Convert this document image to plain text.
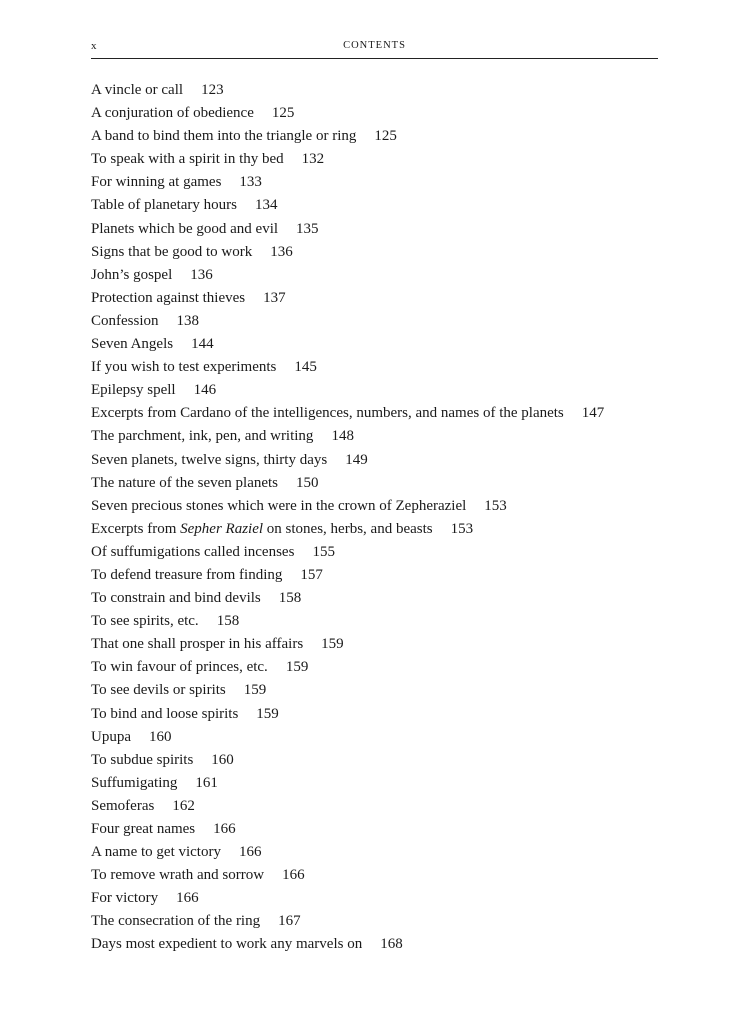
x	CONTENTS
A vincle or call 123
A conjuration of obedience 125
A band to bind them into the triangle or ring 125
To speak with a spirit in thy bed 132
For winning at games 133
Table of planetary hours 134
Planets which be good and evil 135
Signs that be good to work 136
John’s gospel 136
Protection against thieves 137
Confession 138
Seven Angels 144
If you wish to test experiments 145
Epilepsy spell 146
Excerpts from Cardano of the intelligences, numbers, and names of the planets 147
The parchment, ink, pen, and writing 148
Seven planets, twelve signs, thirty days 149
The nature of the seven planets 150
Seven precious stones which were in the crown of Zepheraziel 153
Excerpts from Sepher Raziel on stones, herbs, and beasts 153
Of suffumigations called incenses 155
To defend treasure from finding 157
To constrain and bind devils 158
To see spirits, etc. 158
That one shall prosper in his affairs 159
To win favour of princes, etc. 159
To see devils or spirits 159
To bind and loose spirits 159
Upupa 160
To subdue spirits 160
Suffumigating 161
Semoferas 162
Four great names 166
A name to get victory 166
To remove wrath and sorrow 166
For victory 166
The consecration of the ring 167
Days most expedient to work any marvels on 168
